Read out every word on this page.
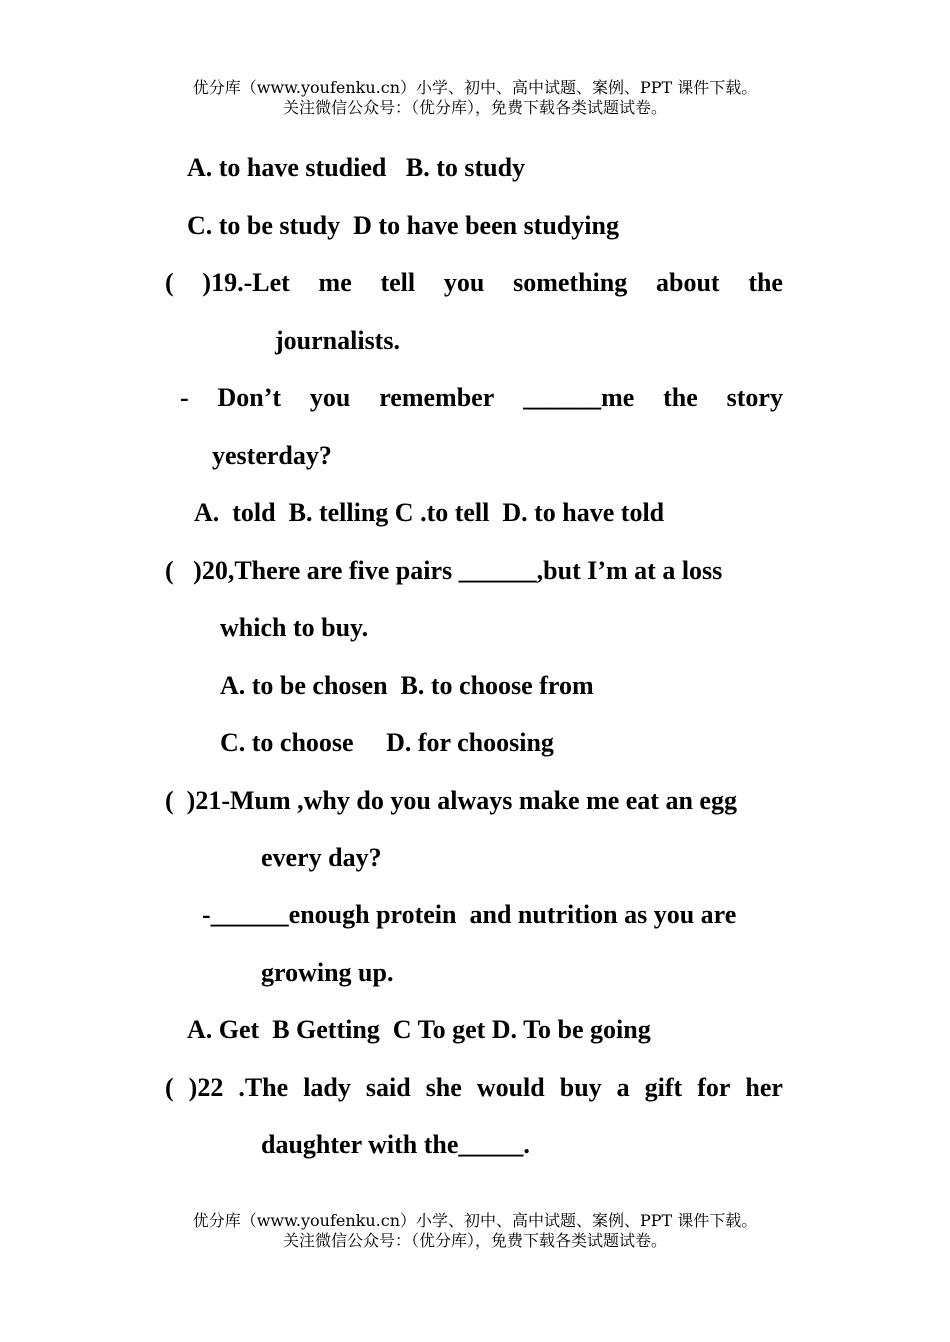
优分库（www.youfenku.cn）小学、初中、高中试题、案例、PPT 课件下载。
关注微信公众号：（优分库），免费下载各类试题试卷。
A. to have studied   B. to study
C. to be study  D to have been studying
( )19.-Let me tell you something about the
journalists.
- Don’t you remember ______me the story
yesterday?
A.  told  B. telling C .to tell  D. to have told
(   )20,There are five pairs ______,but I’m at a loss
which to buy.
A. to be chosen  B. to choose from
C. to choose     D. for choosing
(  )21-Mum ,why do you always make me eat an egg
every day?
-______enough protein  and nutrition as you are
growing up.
A. Get  B Getting  C To get D. To be going
( )22 .The lady said she would buy a gift for her
daughter with the_____.
优分库（www.youfenku.cn）小学、初中、高中试题、案例、PPT 课件下载。
关注微信公众号：（优分库），免费下载各类试题试卷。
